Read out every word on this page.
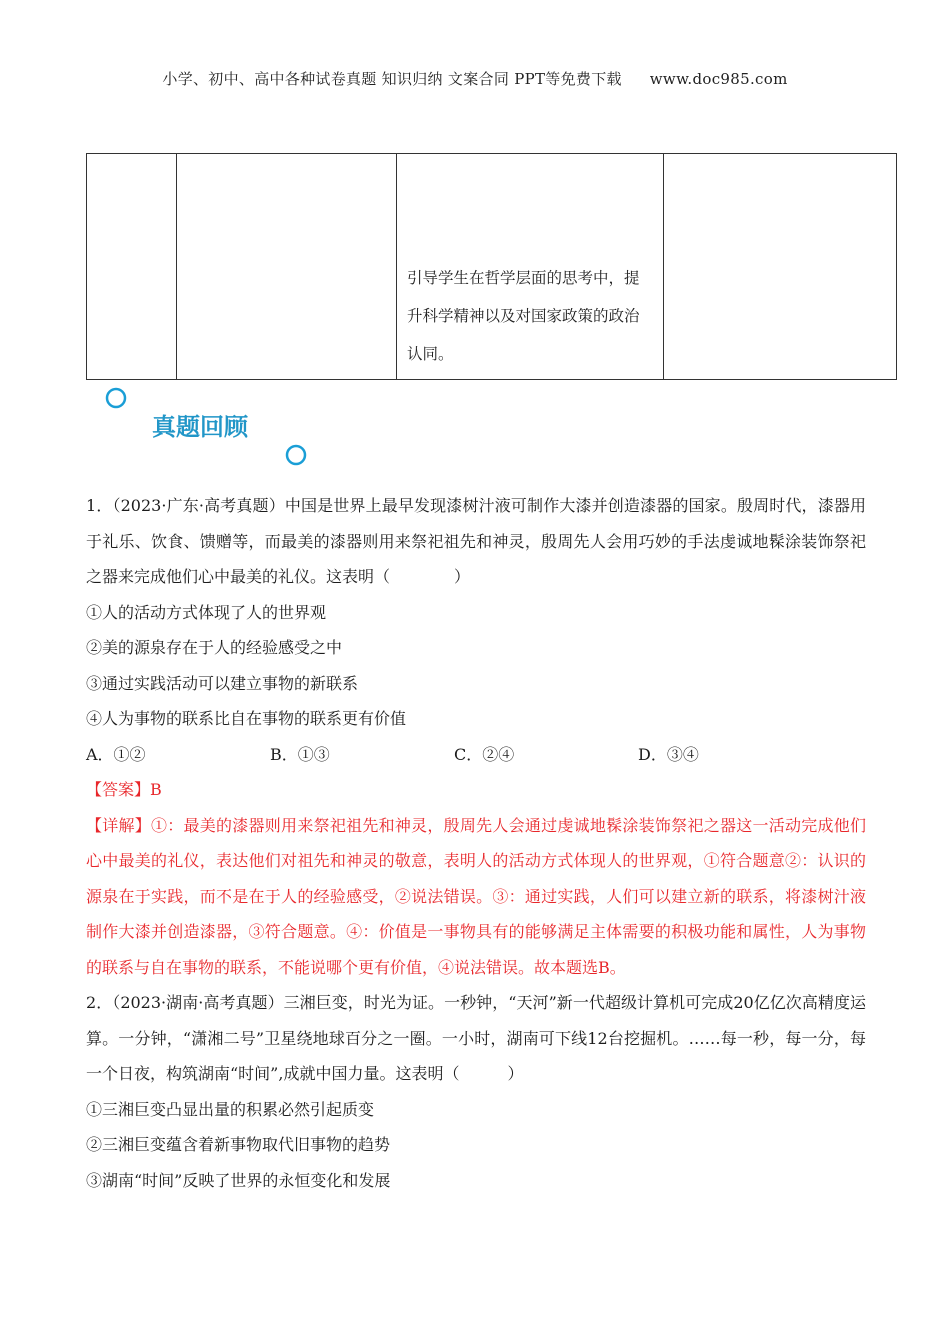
小学、初中、高中各种试卷真题 知识归纳 文案合同 PPT等免费下载 www.doc985.com

引导学生在哲学层面的思考中，提升科学精神以及对国家政策的政治认同。

真题回顾

1．（2023·广东·高考真题）中国是世界上最早发现漆树汁液可制作大漆并创造漆器的国家。殷周时代，漆器用于礼乐、饮食、馈赠等，而最美的漆器则用来祭祀祖先和神灵，殷周先人会用巧妙的手法虔诚地髹涂装饰祭祀之器来完成他们心中最美的礼仪。这表明（　　　　）

①人的活动方式体现了人的世界观

②美的源泉存在于人的经验感受之中

③通过实践活动可以建立事物的新联系

④人为事物的联系比自在事物的联系更有价值

A．①②	B．①③	C．②④	D．③④

【答案】B

【详解】①：最美的漆器则用来祭祀祖先和神灵，殷周先人会通过虔诚地髹涂装饰祭祀之器这一活动完成他们心中最美的礼仪，表达他们对祖先和神灵的敬意，表明人的活动方式体现人的世界观，①符合题意②：认识的源泉在于实践，而不是在于人的经验感受，②说法错误。③：通过实践，人们可以建立新的联系，将漆树汁液制作大漆并创造漆器，③符合题意。④：价值是一事物具有的能够满足主体需要的积极功能和属性，人为事物的联系与自在事物的联系，不能说哪个更有价值，④说法错误。故本题选B。

2．（2023·湖南·高考真题）三湘巨变，时光为证。一秒钟，“天河”新一代超级计算机可完成20亿亿次高精度运算。一分钟，“潇湘二号”卫星绕地球百分之一圈。一小时，湖南可下线12台挖掘机。……每一秒，每一分，每一个日夜，构筑湖南“时间”,成就中国力量。这表明（　　　）

①三湘巨变凸显出量的积累必然引起质变

②三湘巨变蕴含着新事物取代旧事物的趋势

③湖南“时间”反映了世界的永恒变化和发展
